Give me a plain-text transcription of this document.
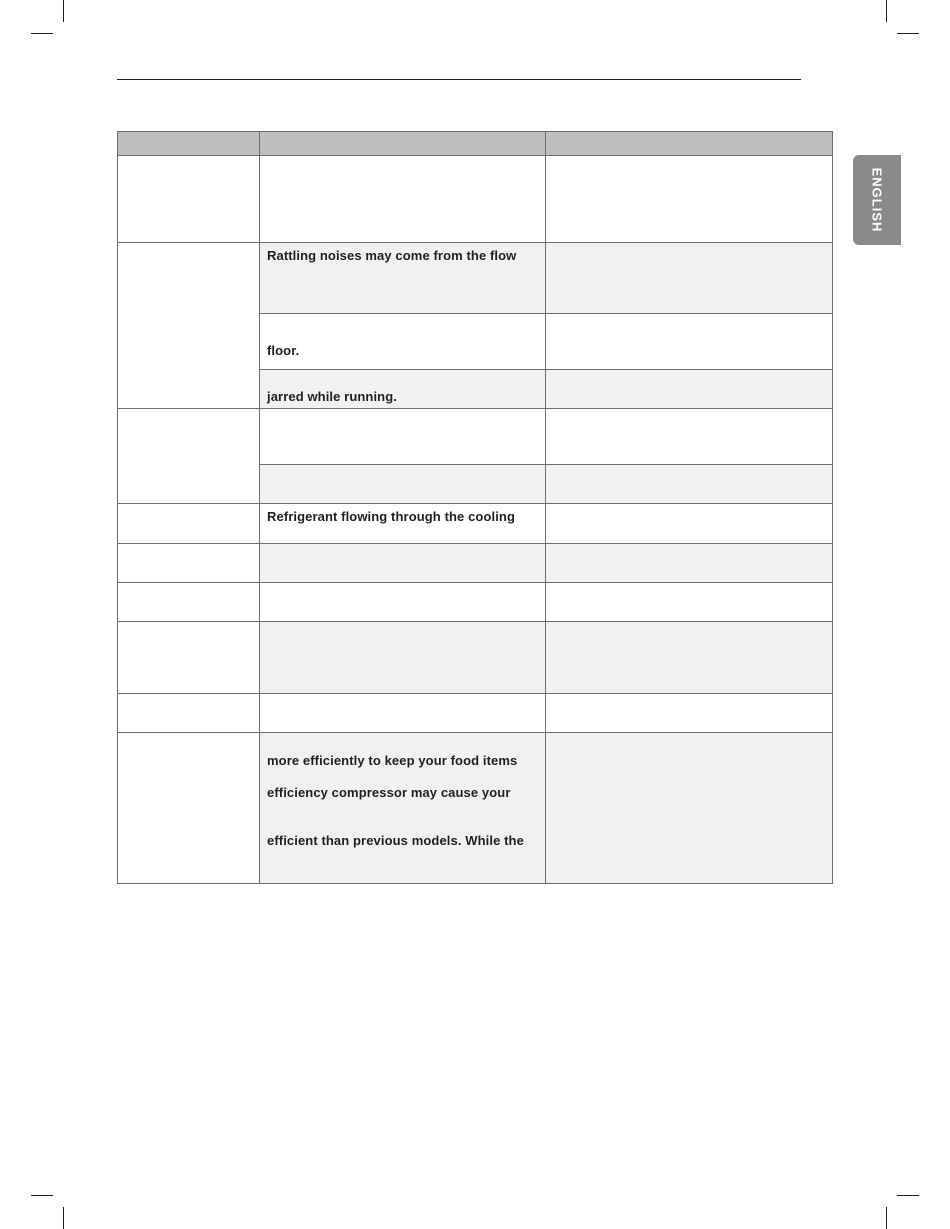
ENGLISH
Rattling noises may come from the flow
floor.
jarred while running.
Refrigerant flowing through the cooling
more efficiently to keep your food items
efficiency compressor may cause your
efficient than previous models. While the
